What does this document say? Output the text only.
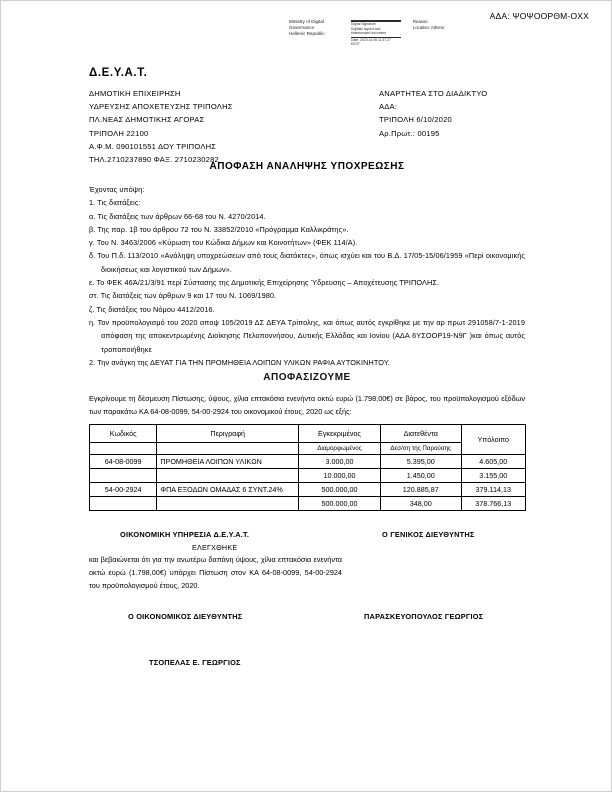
ΑΔΑ: ΨΟΨΟΟΡΘΜ-ΟΧΧ
Ministry of Digital
Governance
Hellenic Republic
Digital Signature
Digitally signed and
timestamped document
Date: 2020.10.06 11:37:27
EEST
Reason:
Location: Athens
Δ.Ε.Υ.Α.Τ.
ΔΗΜΟΤΙΚΗ ΕΠΙΧΕΙΡΗΣΗ
ΥΔΡΕΥΣΗΣ ΑΠΟΧΕΤΕΥΣΗΣ ΤΡΙΠΟΛΗΣ
ΠΛ.ΝΕΑΣ ΔΗΜΟΤΙΚΗΣ ΑΓΟΡΑΣ
ΤΡΙΠΟΛΗ 22100
Α.Φ.Μ. 090101551 ΔΟΥ ΤΡΙΠΟΛΗΣ
ΤΗΛ.2710237890 ΦΑΞ. 2710230282
ΑΝΑΡΤΗΤΕΑ ΣΤΟ ΔΙΑΔΙΚΤΥΟ
ΑΔΑ:
ΤΡΙΠΟΛΗ 6/10/2020
Αρ.Πρωτ.: 00195
ΑΠΟΦΑΣΗ ΑΝΑΛΗΨΗΣ ΥΠΟΧΡΕΩΣΗΣ

Έχοντας υπόψη:

1. Τις διατάξεις:

α. Τις διατάξεις των άρθρων 66-68 του Ν. 4270/2014.

β. Της παρ. 1β του άρθρου 72 του Ν. 33852/2010 «Πρόγραμμα Καλλικράτης».

γ. Του Ν. 3463/2006 «Κύρωση του Κώδικα Δήμων και Κοινοτήτων» (ΦΕΚ 114/Α).

δ. Του Π.δ. 113/2010 «Ανάληψη υποχρεώσεων από τους διατάκτες», όπως ισχύει και του Β.Δ. 17/05-15/06/1959 «Περί οικονομικής διοικήσεως και λογιστικού των Δήμων».

ε. Το ΦΕΚ 46Ά/21/3/91 περί Σύστασης της Δημοτικής Επιχείρησης Ύδρευσης – Αποχέτευσης ΤΡΙΠΟΛΗΣ.

στ. Τις διατάξεις των άρθρων 9 και 17 του Ν. 1069/1980.

ζ. Τις διατάξεις του Νόμου 4412/2016.

η. Τον προϋπολογισμό του 2020 απoψ 105/2019 ΔΣ ΔΕΥΑ Τρίπολης, και όπως αυτός εγκρίθηκε με την αρ πρωτ 291058/7-1-2019 απόφαση της αποκεντρωμένης Διοίκησης Πελοποννήσου, Δυτικής Ελλάδας και Ιονίου (ΑΔΑ 6ΥΣΟΟΡ19-Ν9Γ )και όπως αυτός τροποποιήθηκε

2. Την ανάγκη της ΔΕΥΑΤ ΓΙΑ ΤΗΝ ΠΡΟΜΗΘΕΙΑ ΛΟΙΠΩΝ ΥΛΙΚΩΝ ΡΑΦΙΑ ΑΥΤΟΚΙΝΗΤΟΥ.

ΑΠΟΦΑΣΙΖΟΥΜΕ

Εγκρίνουμε τη δέσμευση Πίστωσης, ύψους, χίλια επτακόσια ενενήντα οκτώ ευρώ (1.798,00€) σε βάρος, του προϋπολογισμού εξόδων των παρακάτω ΚΑ 64-08-0099, 54-00-2924 του οικονομικού έτους, 2020 ως εξής:

Κωδικός	Περιγραφή	Εγκεκριμένος	Διατεθέντα	Υπόλοιπο
		Διαμορφωμένος	Δεσ/ση της Παρούσης	
64-08-0099	ΠΡΟΜΗΘΕΙΑ ΛΟΙΠΩΝ ΥΛΙΚΩΝ	3.000,00	5.395,00	4.605,00
		10.000,00	1.450,00	3.155,00
54-00-2924	ΦΠΑ ΕΞΟΔΩΝ ΟΜΑΔΑΣ 6 ΣΥΝΤ.24%	500.000,00	120.885,87	379.114,13
		500.000,00	348,00	378.766,13
ΟΙΚΟΝΟΜΙΚΗ ΥΠΗΡΕΣΙΑ Δ.Ε.Υ.Α.Τ.	Ο ΓΕΝΙΚΟΣ ΔΙΕΥΘΥΝΤΗΣ
ΕΛΕΓΧΘΗΚΕ

και βεβαιώνεται ότι για την ανωτέρω δαπάνη ύψους, χίλια επτακόσια ενενήντα οκτώ ευρώ (1.798,00€) υπάρχει Πίστωση στον ΚΑ 64-08-0099, 54-00-2924 του προϋπολογισμού έτους, 2020.

Ο ΟΙΚΟΝΟΜΙΚΟΣ ΔΙΕΥΘΥΝΤΗΣ	ΠΑΡΑΣΚΕΥΟΠΟΥΛΟΣ ΓΕΩΡΓΙΟΣ
ΤΣΟΠΕΛΑΣ Ε. ΓΕΩΡΓΙΟΣ
